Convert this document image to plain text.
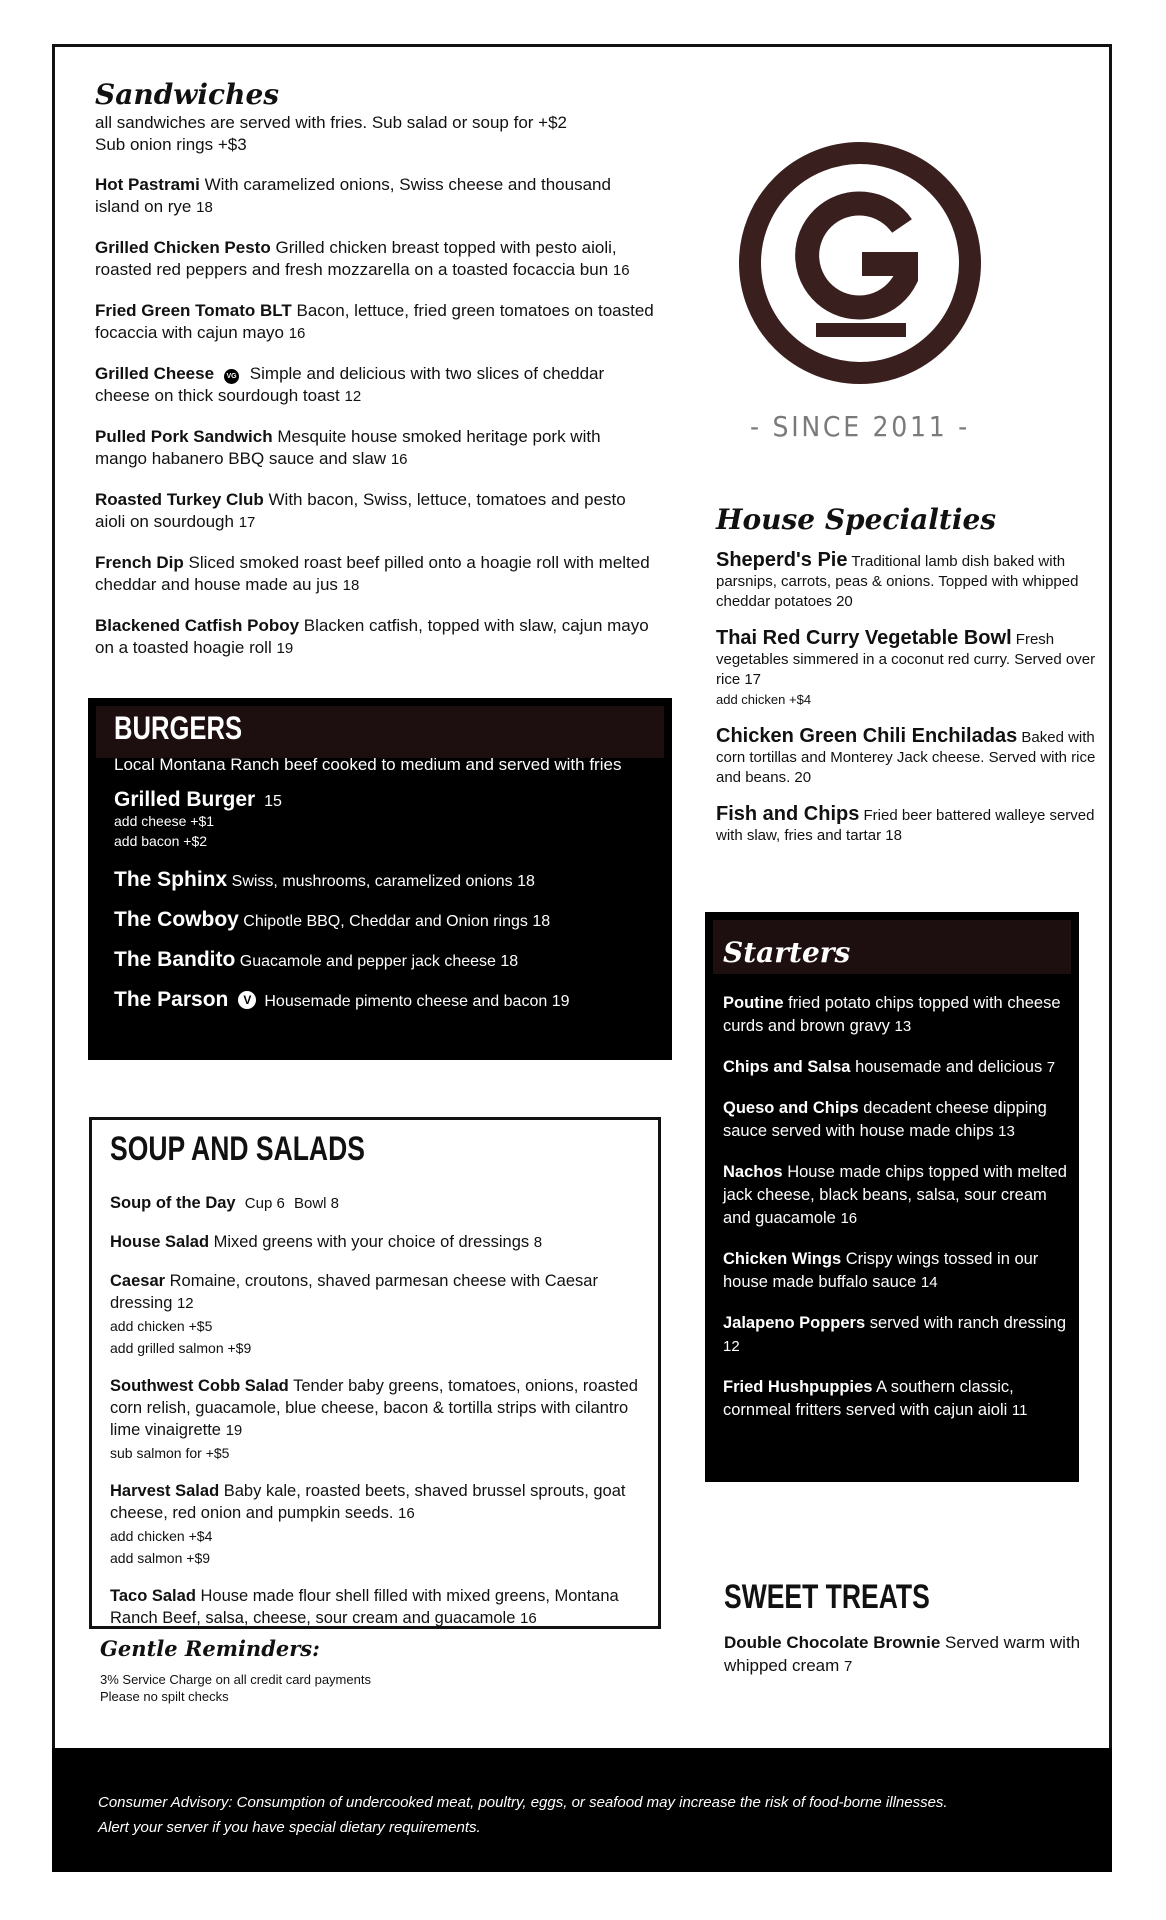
Sandwiches
all sandwiches are served with fries. Sub salad or soup for +$2
Sub onion rings +$3
Hot Pastrami With caramelized onions, Swiss cheese and thousand island on rye 18
Grilled Chicken Pesto Grilled chicken breast topped with pesto aioli, roasted red peppers and fresh mozzarella on a toasted focaccia bun 16
Fried Green Tomato BLT Bacon, lettuce, fried green tomatoes on toasted focaccia with cajun mayo 16
Grilled Cheese VG Simple and delicious with two slices of cheddar cheese on thick sourdough toast 12
Pulled Pork Sandwich Mesquite house smoked heritage pork with mango habanero BBQ sauce and slaw 16
Roasted Turkey Club With bacon, Swiss, lettuce, tomatoes and pesto aioli on sourdough 17
French Dip Sliced smoked roast beef pilled onto a hoagie roll with melted cheddar and house made au jus 18
Blackened Catfish Poboy Blacken catfish, topped with slaw, cajun mayo on a toasted hoagie roll 19
BURGERS
Local Montana Ranch beef cooked to medium and served with fries
Grilled Burger 15
add cheese +$1
add bacon +$2
The Sphinx Swiss, mushrooms, caramelized onions 18
The Cowboy Chipotle BBQ, Cheddar and Onion rings 18
The Bandito Guacamole and pepper jack cheese 18
The Parson V Housemade pimento cheese and bacon 19
SOUP AND SALADS
Soup of the Day Cup 6 Bowl 8
House Salad Mixed greens with your choice of dressings 8
Caesar Romaine, croutons, shaved parmesan cheese with Caesar dressing 12
add chicken +$5
add grilled salmon +$9
Southwest Cobb Salad Tender baby greens, tomatoes, onions, roasted corn relish, guacamole, blue cheese, bacon & tortilla strips with cilantro lime vinaigrette 19
sub salmon for +$5
Harvest Salad Baby kale, roasted beets, shaved brussel sprouts, goat cheese, red onion and pumpkin seeds. 16
add chicken +$4
add salmon +$9
Taco Salad House made flour shell filled with mixed greens, Montana Ranch Beef, salsa, cheese, sour cream and guacamole 16
Gentle Reminders:

3% Service Charge on all credit card payments

Please no spilt checks

- SINCE 2011 -
House Specialties
Sheperd's Pie Traditional lamb dish baked with parsnips, carrots, peas & onions. Topped with whipped cheddar potatoes 20
Thai Red Curry Vegetable Bowl Fresh vegetables simmered in a coconut red curry. Served over rice 17
add chicken +$4
Chicken Green Chili Enchiladas Baked with corn tortillas and Monterey Jack cheese. Served with rice and beans. 20
Fish and Chips Fried beer battered walleye served with slaw, fries and tartar 18
Starters
Poutine fried potato chips topped with cheese curds and brown gravy 13
Chips and Salsa housemade and delicious 7
Queso and Chips decadent cheese dipping sauce served with house made chips 13
Nachos House made chips topped with melted jack cheese, black beans, salsa, sour cream and guacamole 16
Chicken Wings Crispy wings tossed in our house made buffalo sauce 14
Jalapeno Poppers served with ranch dressing 12
Fried Hushpuppies A southern classic, cornmeal fritters served with cajun aioli 11
SWEET TREATS
Double Chocolate Brownie Served warm with whipped cream 7

Consumer Advisory: Consumption of undercooked meat, poultry, eggs, or seafood may increase the risk of food-borne illnesses.

Alert your server if you have special dietary requirements.
